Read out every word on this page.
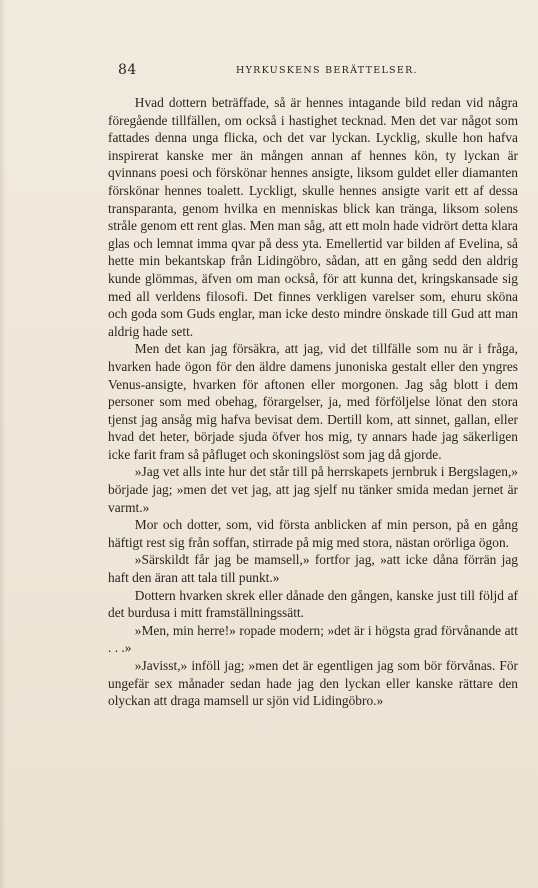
84	HYRKUSKENS BERÄTTELSER.

Hvad dottern beträffade, så är hennes intagande bild redan vid några föregående tillfällen, om också i hastighet tecknad. Men det var något som fattades denna unga flicka, och det var lyckan. Lycklig, skulle hon hafva inspirerat kanske mer än mången annan af hennes kön, ty lyckan är qvinnans poesi och förskönar hennes ansigte, liksom guldet eller diamanten förskönar hennes toalett. Lyckligt, skulle hennes ansigte varit ett af dessa transparanta, genom hvilka en menniskas blick kan tränga, liksom solens stråle genom ett rent glas. Men man såg, att ett moln hade vidrört detta klara glas och lemnat imma qvar på dess yta. Emellertid var bilden af Evelina, så hette min bekantskap från Lidingöbro, sådan, att en gång sedd den aldrig kunde glömmas, äfven om man också, för att kunna det, kringskansade sig med all verldens filosofi. Det finnes verkligen varelser som, ehuru sköna och goda som Guds englar, man icke desto mindre önskade till Gud att man aldrig hade sett.

Men det kan jag försäkra, att jag, vid det tillfälle som nu är i fråga, hvarken hade ögon för den äldre damens junoniska gestalt eller den yngres Venus-ansigte, hvarken för aftonen eller morgonen. Jag såg blott i dem personer som med obehag, förargelser, ja, med förföljelse lönat den stora tjenst jag ansåg mig hafva bevisat dem. Dertill kom, att sinnet, gallan, eller hvad det heter, började sjuda öfver hos mig, ty annars hade jag säkerligen icke farit fram så påfluget och skoningslöst som jag då gjorde.

»Jag vet alls inte hur det står till på herrskapets jernbruk i Bergslagen,» började jag; »men det vet jag, att jag sjelf nu tänker smida medan jernet är varmt.»

Mor och dotter, som, vid första anblicken af min person, på en gång häftigt rest sig från soffan, stirrade på mig med stora, nästan orörliga ögon.

»Särskildt får jag be mamsell,» fortfor jag, »att icke dåna förrän jag haft den äran att tala till punkt.»

Dottern hvarken skrek eller dånade den gången, kanske just till följd af det burdusa i mitt framställningssätt.

»Men, min herre!» ropade modern; »det är i högsta grad förvånande att . . .»

»Javisst,» inföll jag; »men det är egentligen jag som bör förvånas. För ungefär sex månader sedan hade jag den lyckan eller kanske rättare den olyckan att draga mamsell ur sjön vid Lidingöbro.»
